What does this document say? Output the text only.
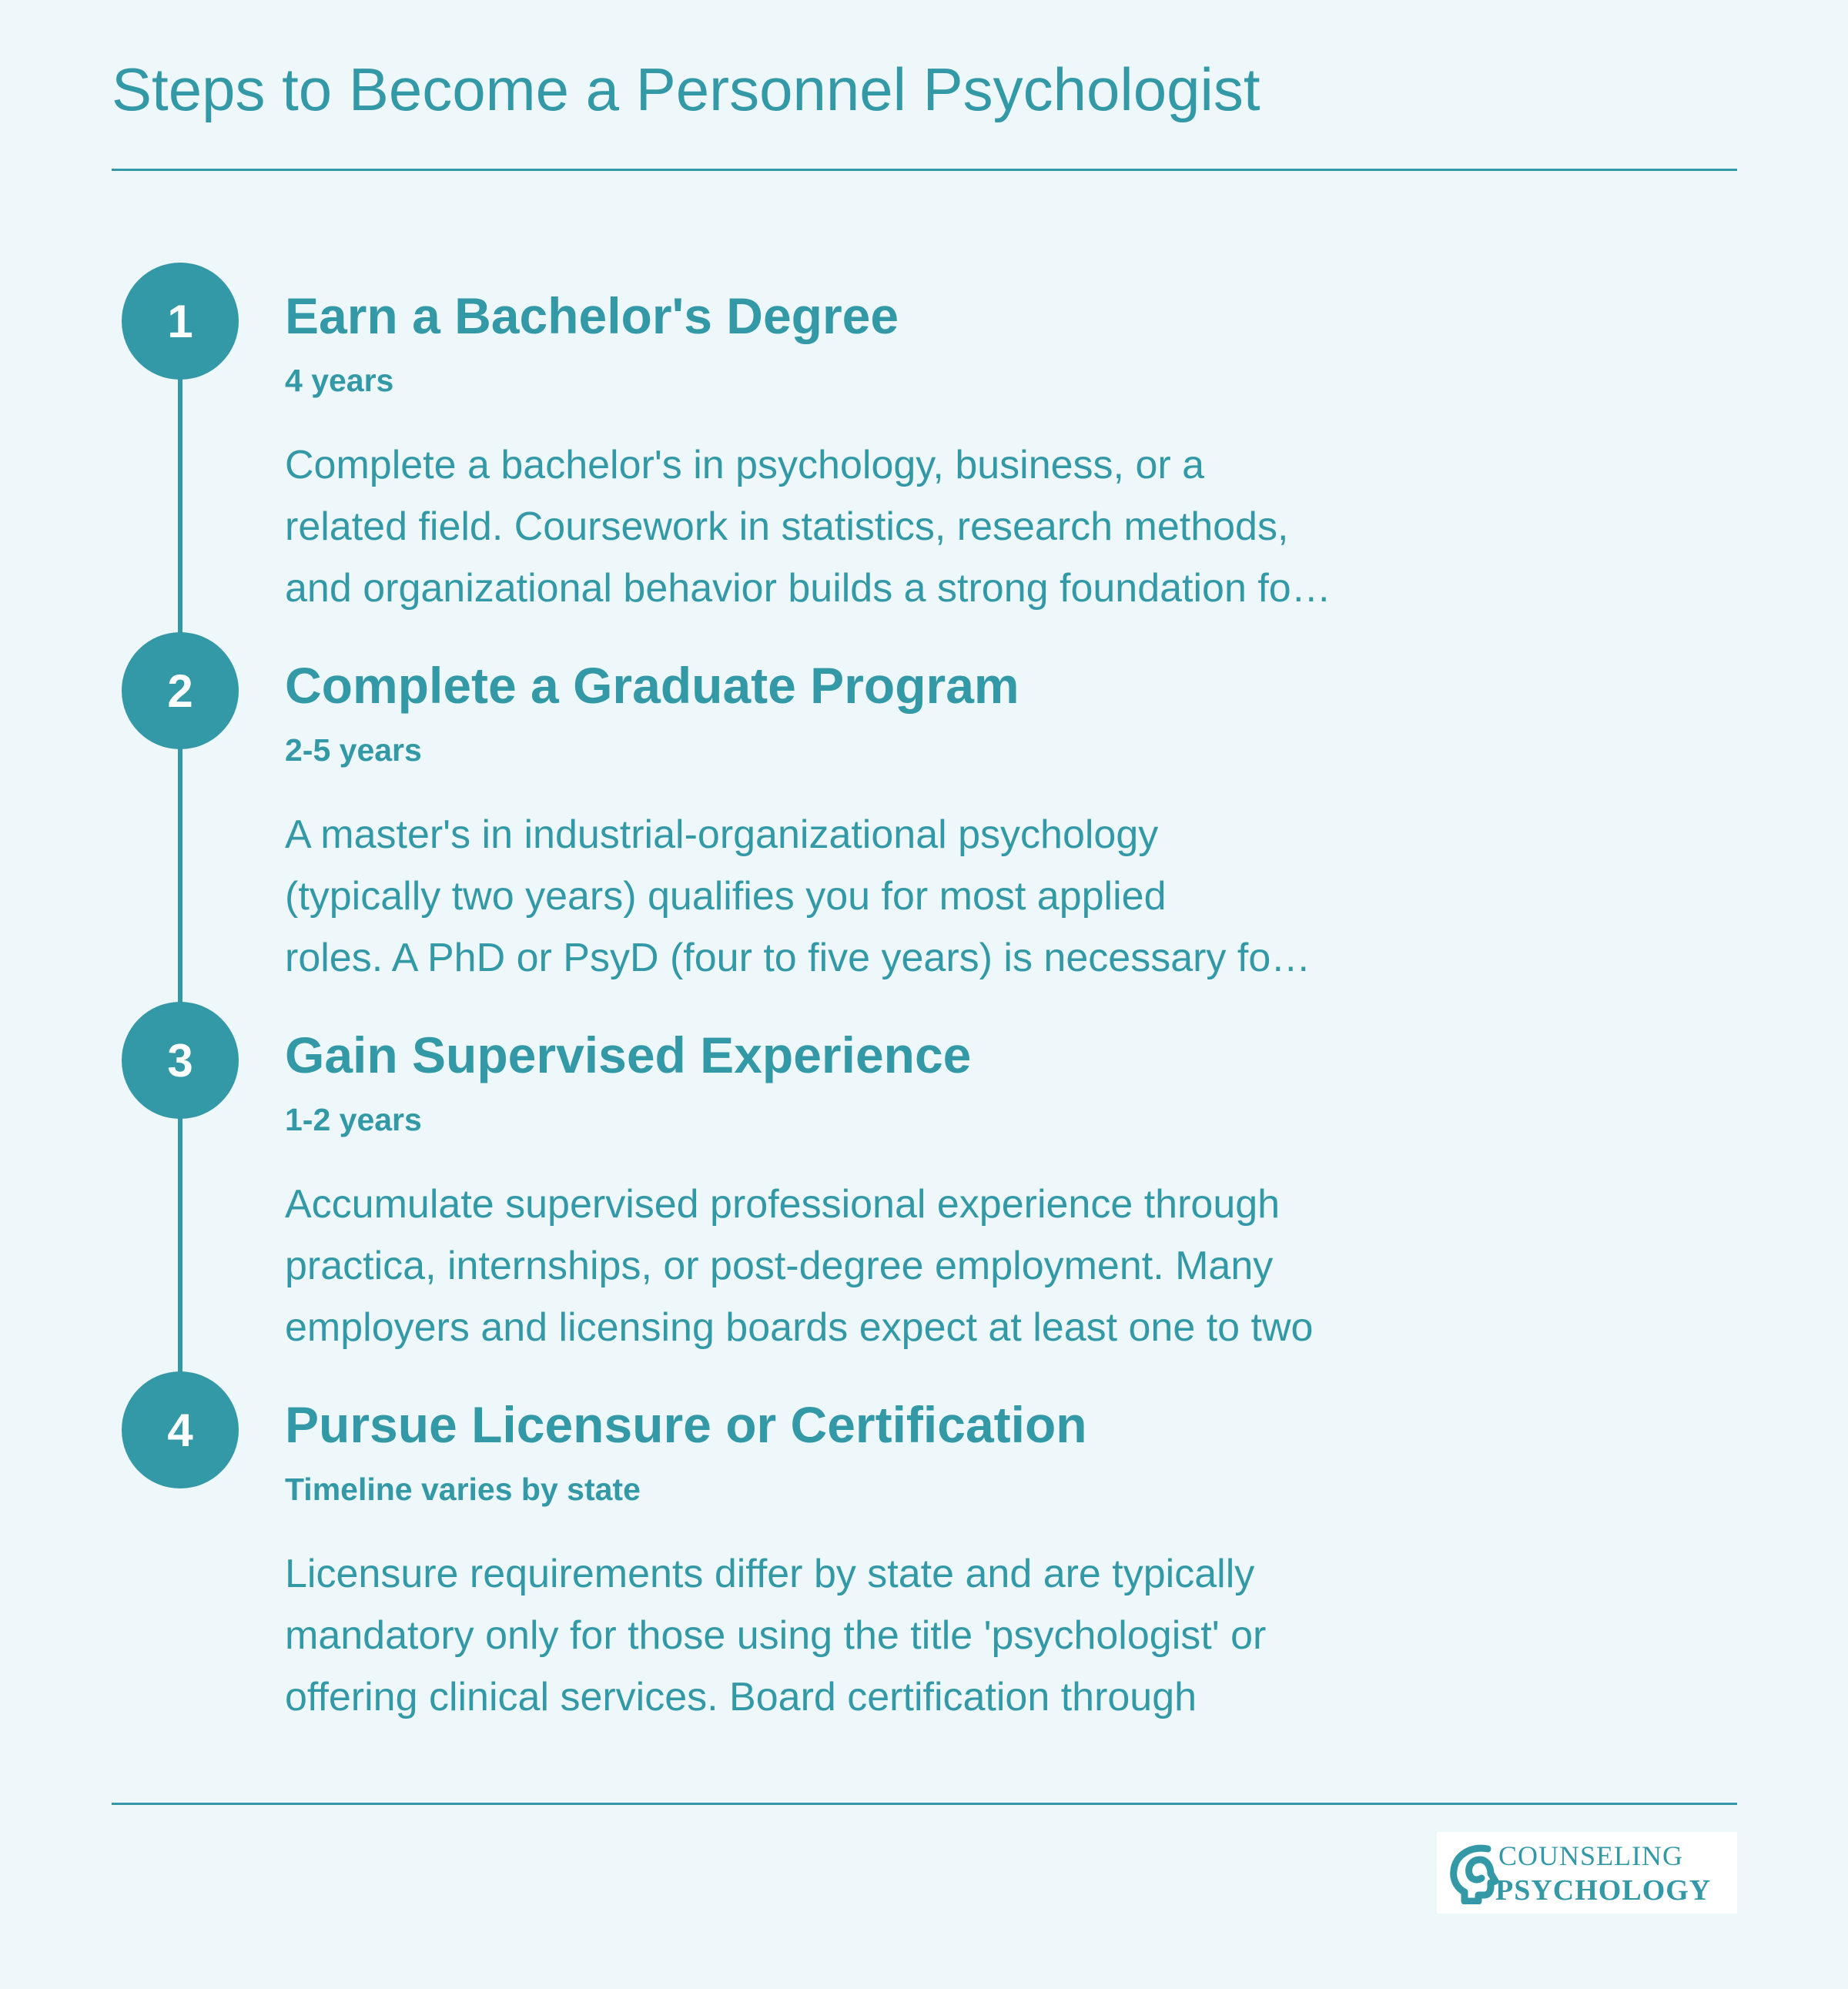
Steps to Become a Personnel Psychologist
1	Earn a Bachelor's Degree
4 years
Complete a bachelor's in psychology, business, or a
related field. Coursework in statistics, research methods,
and organizational behavior builds a strong foundation fo…
2	Complete a Graduate Program
2-5 years
A master's in industrial-organizational psychology
(typically two years) qualifies you for most applied
roles. A PhD or PsyD (four to five years) is necessary fo…
3	Gain Supervised Experience
1-2 years
Accumulate supervised professional experience through
practica, internships, or post-degree employment. Many
employers and licensing boards expect at least one to two
4	Pursue Licensure or Certification
Timeline varies by state
Licensure requirements differ by state and are typically
mandatory only for those using the title 'psychologist' or
offering clinical services. Board certification through
COUNSELING
PSYCHOLOGY
